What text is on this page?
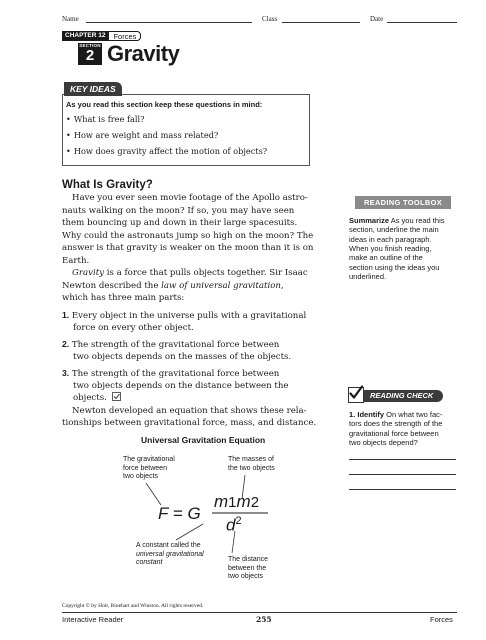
Name	Class	Date
CHAPTER 12	Forces
SECTION
2 Gravity
KEY IDEAS
As you read this section keep these questions in mind:
• What is free fall?
• How are weight and mass related?
• How does gravity affect the motion of objects?
What Is Gravity?
Have you ever seen movie footage of the Apollo astro-
nauts walking on the moon? If so, you may have seen
them bouncing up and down in their large spacesuits.
Why could the astronauts jump so high on the moon? The
answer is that gravity is weaker on the moon than it is on
Earth.
Gravity is a force that pulls objects together. Sir Isaac
Newton described the law of universal gravitation,
which has three main parts:
1. Every object in the universe pulls with a gravitational
force on every other object.
2. The strength of the gravitational force between
two objects depends on the masses of the objects.
3. The strength of the gravitational force between
two objects depends on the distance between the
objects.
Newton developed an equation that shows these rela-
tionships between gravitational force, mass, and distance.
READING TOOLBOX
Summarize As you read this
section, underline the main
ideas in each paragraph.
When you finish reading,
make an outline of the
section using the ideas you
underlined.
READING CHECK
1. Identify On what two fac-
tors does the strength of the
gravitational force between
two objects depend?
Universal Gravitation Equation
The gravitational
force between
two objects
The masses of
the two objects
F = G
m1m2
$d^2$
A constant called the
universal gravitational
constant	The distance
between the
two objects
Copyright © by Holt, Rinehart and Winston. All rights reserved.
Interactive Reader	255	Forces
